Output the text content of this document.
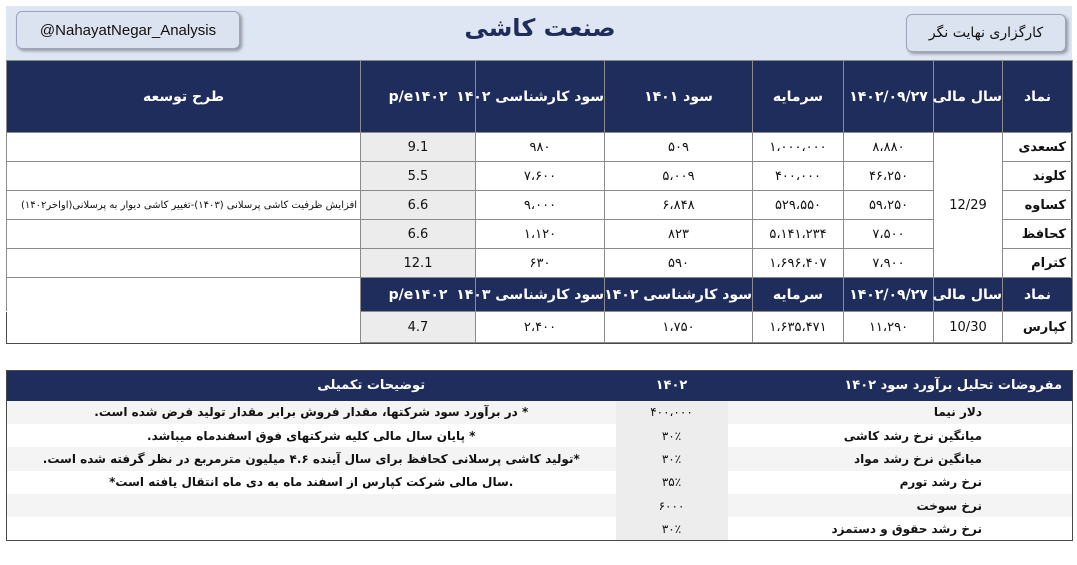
@NahayatNegar_Analysis	صنعت کاشی	کارگزاری نهایت نگر
نماد	سال مالی	۱۴۰۲/۰۹/۲۷	سرمایه	سود ۱۴۰۱	سود کارشناسی ۱۴۰۲	p/e۱۴۰۲	طرح توسعه
کسعدی	12/29	۸،۸۸۰	۱،۰۰۰،۰۰۰	۵۰۹	۹۸۰	9.1	
کلوند		۴۶،۲۵۰	۴۰۰،۰۰۰	۵،۰۰۹	۷،۶۰۰	5.5	
کساوه		۵۹،۲۵۰	۵۲۹،۵۵۰	۶،۸۴۸	۹،۰۰۰	6.6	افزایش ظرفیت کاشی پرسلانی (۱۴۰۳)-تغییر کاشی دیوار به پرسلانی(اواخر۱۴۰۲)
کحافظ		۷،۵۰۰	۵،۱۴۱،۲۳۴	۸۲۳	۱،۱۲۰	6.6	
کترام		۷،۹۰۰	۱،۶۹۶،۴۰۷	۵۹۰	۶۳۰	12.1	
نماد	سال مالی	۱۴۰۲/۰۹/۲۷	سرمایه	سود کارشناسی ۱۴۰۲	سود کارشناسی ۱۴۰۳	p/e۱۴۰۲	
کپارس	10/30	۱۱،۲۹۰	۱،۶۳۵،۴۷۱	۱،۷۵۰	۲،۴۰۰	4.7	
مفروضات تحلیل برآورد سود ۱۴۰۲	۱۴۰۲	توضیحات تکمیلی
دلار نیما	۴۰۰،۰۰۰	* در برآورد سود شرکتها، مقدار فروش برابر مقدار تولید فرض شده است.
میانگین نرخ رشد کاشی	۳۰٪	* پایان سال مالی کلیه شرکتهای فوق اسفندماه میباشد.
میانگین نرخ رشد مواد	۳۰٪	*تولید کاشی پرسلانی کحافظ برای سال آینده ۴.۶ میلیون مترمربع در نظر گرفته شده است.
نرخ رشد تورم	۳۵٪	.سال مالی شرکت کپارس از اسفند ماه به دی ماه انتقال یافته است*
نرخ سوخت	۶۰۰۰	
نرخ رشد حقوق و دستمزد	۳۰٪	
